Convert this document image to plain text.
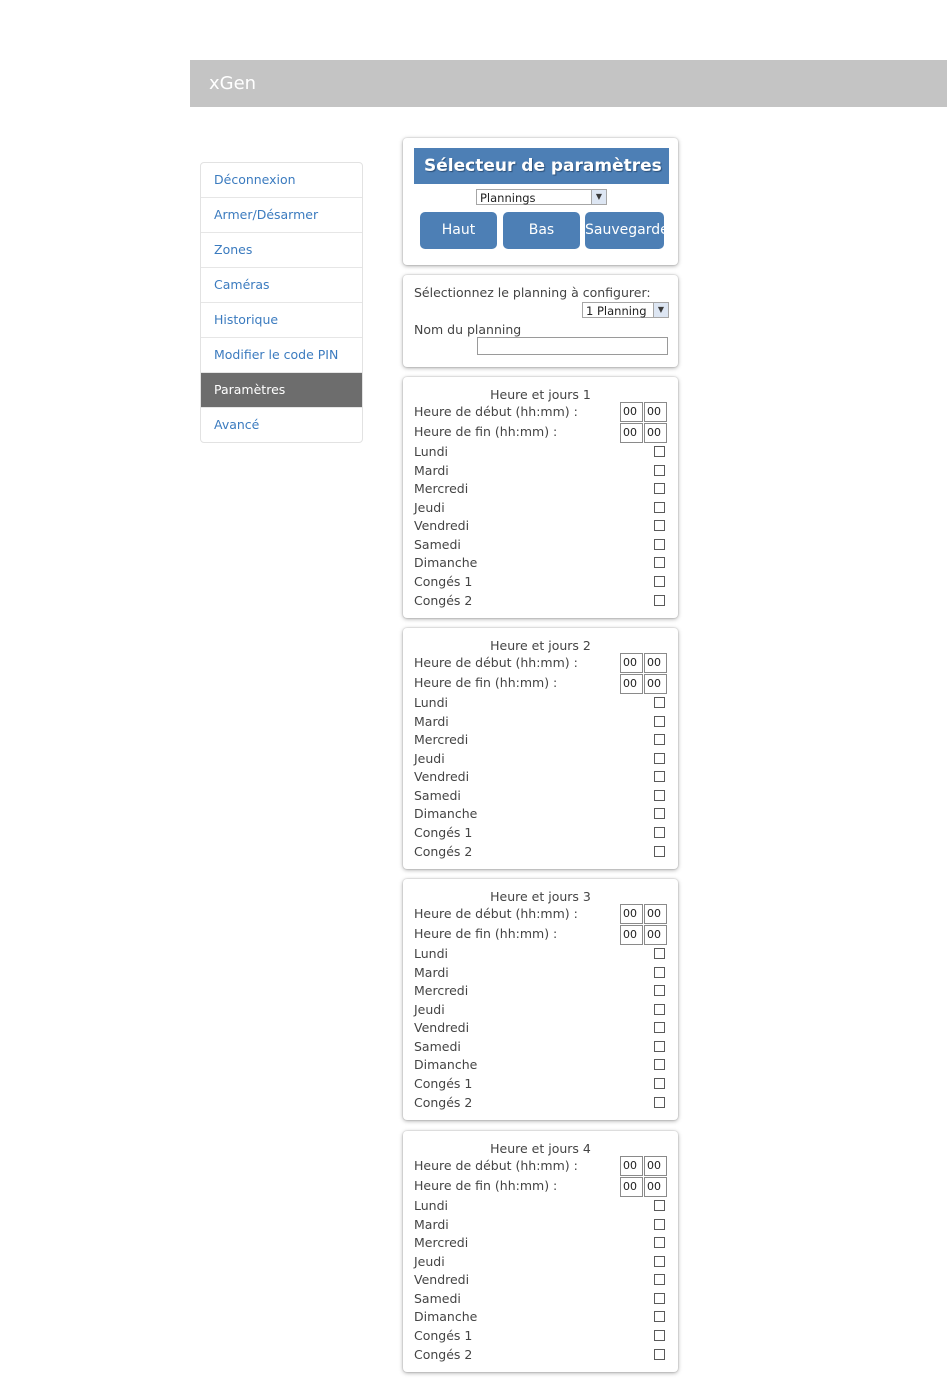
xGen
Déconnexion
Armer/Désarmer
Zones
Caméras
Historique
Modifier le code PIN
Paramètres
Avancé
Sélecteur de paramètres
Plannings	▼
Haut	Bas	Sauvegarder
Sélectionnez le planning à configurer:
1 Planning	▼
Nom du planning
Heure et jours 1
Heure de début (hh:mm) :	00 00
Heure de fin (hh:mm) :	00 00
Lundi
Mardi
Mercredi
Jeudi
Vendredi
Samedi
Dimanche
Congés 1
Congés 2
Heure et jours 2
Heure de début (hh:mm) :	00 00
Heure de fin (hh:mm) :	00 00
Lundi
Mardi
Mercredi
Jeudi
Vendredi
Samedi
Dimanche
Congés 1
Congés 2
Heure et jours 3
Heure de début (hh:mm) :	00 00
Heure de fin (hh:mm) :	00 00
Lundi
Mardi
Mercredi
Jeudi
Vendredi
Samedi
Dimanche
Congés 1
Congés 2
Heure et jours 4
Heure de début (hh:mm) :	00 00
Heure de fin (hh:mm) :	00 00
Lundi
Mardi
Mercredi
Jeudi
Vendredi
Samedi
Dimanche
Congés 1
Congés 2
